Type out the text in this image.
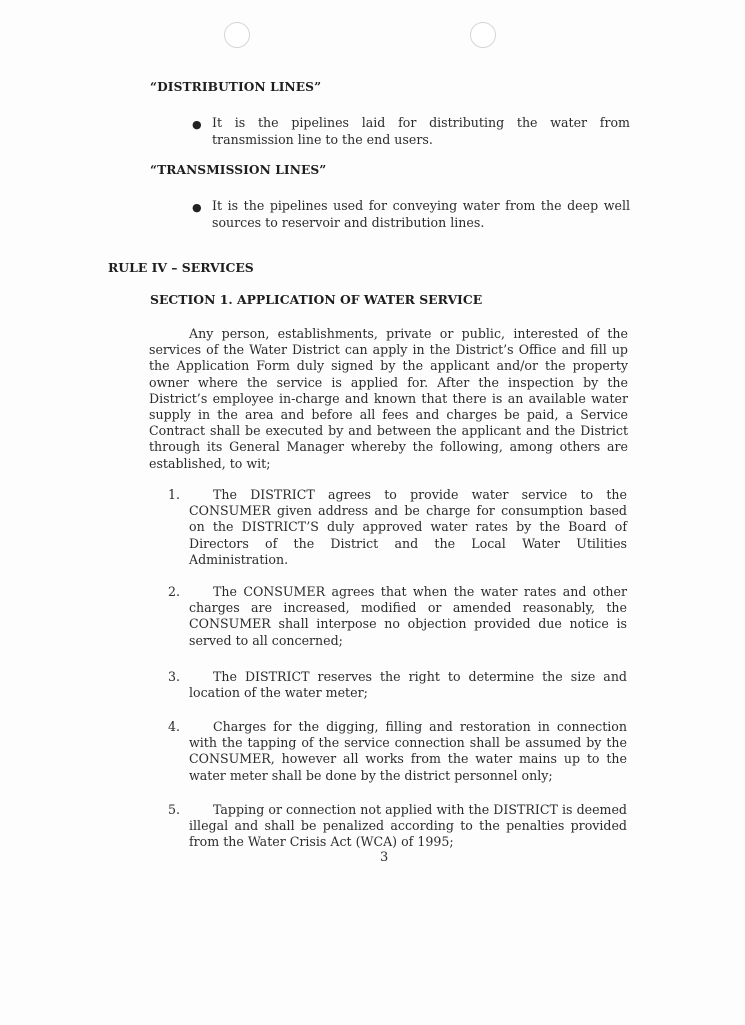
“DISTRIBUTION LINES”
● It is the pipelines laid for distributing the water from transmission line to the end users.
“TRANSMISSION LINES”
● It is the pipelines used for conveying water from the deep well sources to reservoir and distribution lines.
RULE IV – SERVICES
SECTION 1. APPLICATION OF WATER SERVICE
Any person, establishments, private or public, interested of the services of the Water District can apply in the District’s Office and fill up the Application Form duly signed by the applicant and/or the property owner where the service is applied for. After the inspection by the District’s employee in-charge and known that there is an available water supply in the area and before all fees and charges be paid, a Service Contract shall be executed by and between the applicant and the District through its General Manager whereby the following, among others are established, to wit;
1.	The DISTRICT agrees to provide water service to the CONSUMER given address and be charge for consumption based on the DISTRICT’S duly approved water rates by the Board of Directors of the District and the Local Water Utilities Administration.
2.	The CONSUMER agrees that when the water rates and other charges are increased, modified or amended reasonably, the CONSUMER shall interpose no objection provided due notice is served to all concerned;
3.	The DISTRICT reserves the right to determine the size and location of the water meter;
4.	Charges for the digging, filling and restoration in connection with the tapping of the service connection shall be assumed by the CONSUMER, however all works from the water mains up to the water meter shall be done by the district personnel only;
5.	Tapping or connection not applied with the DISTRICT is deemed illegal and shall be penalized according to the penalties provided from the Water Crisis Act (WCA) of 1995;
3
